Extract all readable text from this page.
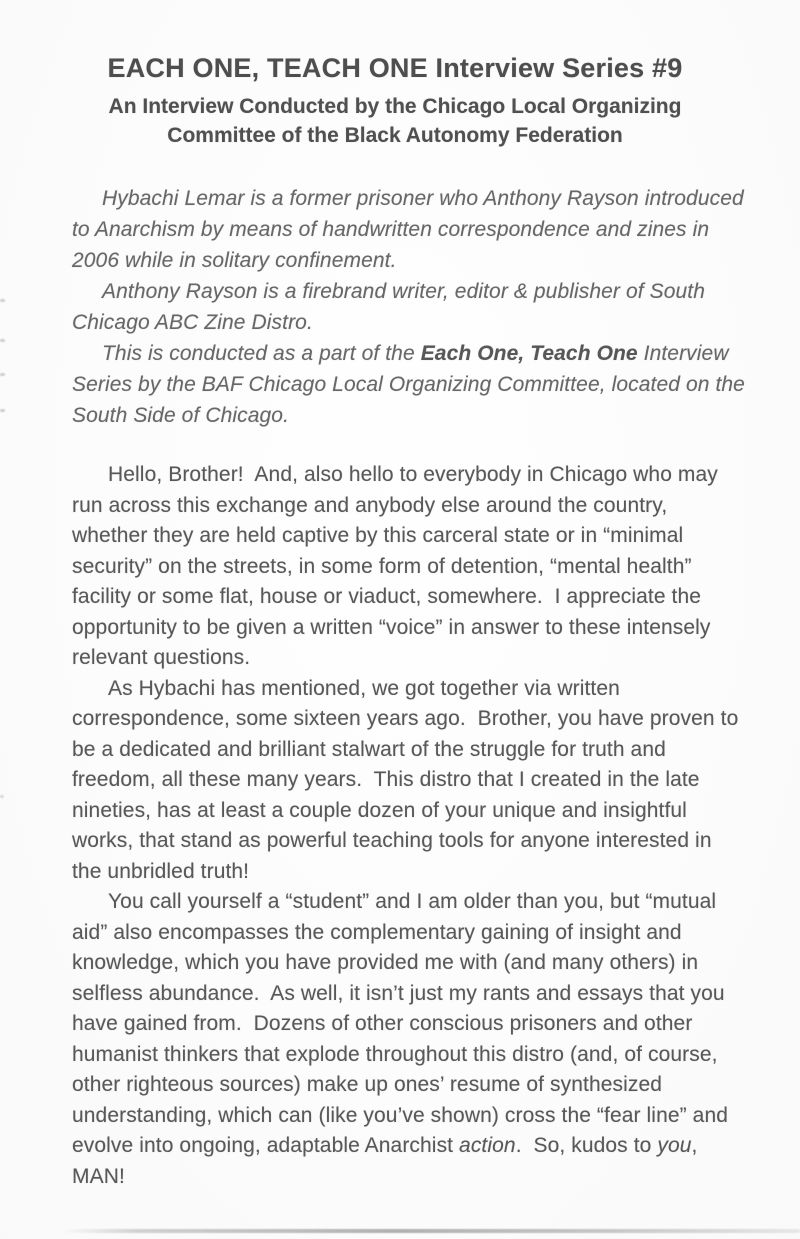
EACH ONE, TEACH ONE Interview Series #9
An Interview Conducted by the Chicago Local Organizing Committee of the Black Autonomy Federation

Hybachi Lemar is a former prisoner who Anthony Rayson introduced to Anarchism by means of handwritten correspondence and zines in 2006 while in solitary confinement.

Anthony Rayson is a firebrand writer, editor & publisher of South Chicago ABC Zine Distro.

This is conducted as a part of the Each One, Teach One Interview Series by the BAF Chicago Local Organizing Committee, located on the South Side of Chicago.

Hello, Brother!  And, also hello to everybody in Chicago who may run across this exchange and anybody else around the country, whether they are held captive by this carceral state or in “minimal security” on the streets, in some form of detention, “mental health” facility or some flat, house or viaduct, somewhere.  I appreciate the opportunity to be given a written “voice” in answer to these intensely relevant questions.

As Hybachi has mentioned, we got together via written correspondence, some sixteen years ago.  Brother, you have proven to be a dedicated and brilliant stalwart of the struggle for truth and freedom, all these many years.  This distro that I created in the late nineties, has at least a couple dozen of your unique and insightful  works, that stand as powerful teaching tools for anyone interested in the unbridled truth!

You call yourself a “student” and I am older than you, but “mutual aid” also encompasses the complementary gaining of insight and knowledge, which you have provided me with (and many others) in selfless abundance.  As well, it isn’t just my rants and essays that you have gained from.  Dozens of other conscious prisoners and other humanist thinkers that explode throughout this distro (and, of course, other righteous sources) make up ones’ resume of synthesized understanding, which can (like you’ve shown) cross the “fear line” and evolve into ongoing, adaptable Anarchist action.  So, kudos to you, MAN!
